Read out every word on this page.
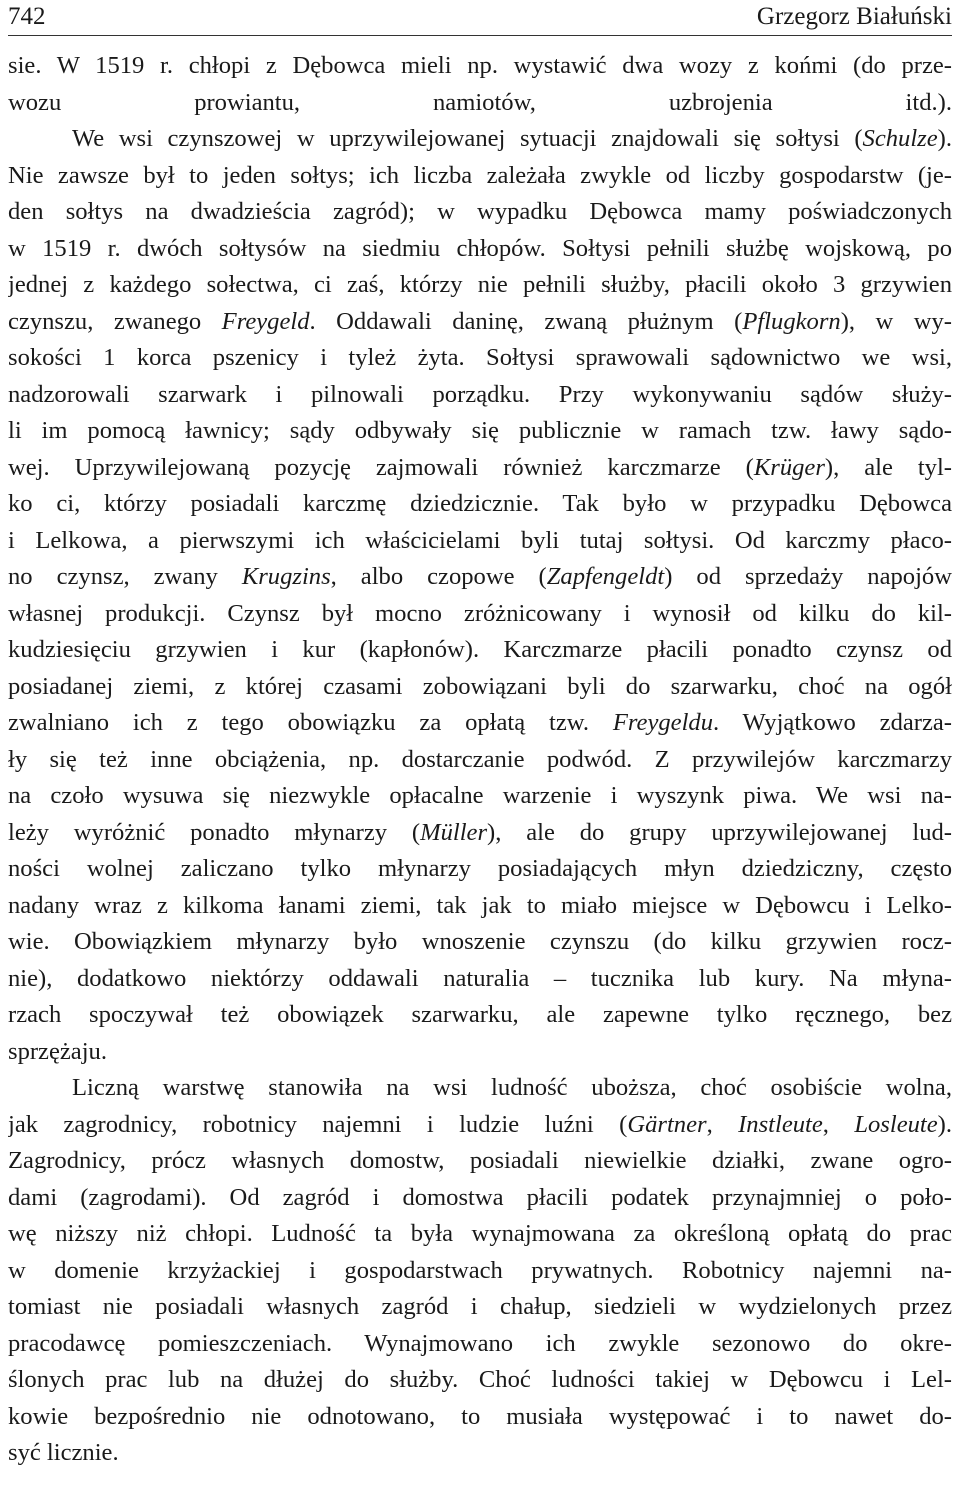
742	Grzegorz Białuński

sie. W 1519 r. chłopi z Dębowca mieli np. wystawić dwa wozy z końmi (do prze-
wozu prowiantu, namiotów, uzbrojenia itd.).
We wsi czynszowej w uprzywilejowanej sytuacji znajdowali się sołtysi (Schulze).
Nie zawsze był to jeden sołtys; ich liczba zależała zwykle od liczby gospodarstw (je-
den sołtys na dwadzieścia zagród); w wypadku Dębowca mamy poświadczonych
w 1519 r. dwóch sołtysów na siedmiu chłopów. Sołtysi pełnili służbę wojskową, po
jednej z każdego sołectwa, ci zaś, którzy nie pełnili służby, płacili około 3 grzywien
czynszu, zwanego Freygeld. Oddawali daninę, zwaną płużnym (Pflugkorn), w wy-
sokości 1 korca pszenicy i tyleż żyta. Sołtysi sprawowali sądownictwo we wsi,
nadzorowali szarwark i pilnowali porządku. Przy wykonywaniu sądów służy-
li im pomocą ławnicy; sądy odbywały się publicznie w ramach tzw. ławy sądo-
wej. Uprzywilejowaną pozycję zajmowali również karczmarze (Krüger), ale tyl-
ko ci, którzy posiadali karczmę dziedzicznie. Tak było w przypadku Dębowca
i Lelkowa, a pierwszymi ich właścicielami byli tutaj sołtysi. Od karczmy płaco-
no czynsz, zwany Krugzins, albo czopowe (Zapfengeldt) od sprzedaży napojów
własnej produkcji. Czynsz był mocno zróżnicowany i wynosił od kilku do kil-
kudziesięciu grzywien i kur (kapłonów). Karczmarze płacili ponadto czynsz od
posiadanej ziemi, z której czasami zobowiązani byli do szarwarku, choć na ogół
zwalniano ich z tego obowiązku za opłatą tzw. Freygeldu. Wyjątkowo zdarza-
ły się też inne obciążenia, np. dostarczanie podwód. Z przywilejów karczmarzy
na czoło wysuwa się niezwykle opłacalne warzenie i wyszynk piwa. We wsi na-
leży wyróżnić ponadto młynarzy (Müller), ale do grupy uprzywilejowanej lud-
ności wolnej zaliczano tylko młynarzy posiadających młyn dziedziczny, często
nadany wraz z kilkoma łanami ziemi, tak jak to miało miejsce w Dębowcu i Lelko-
wie. Obowiązkiem młynarzy było wnoszenie czynszu (do kilku grzywien rocz-
nie), dodatkowo niektórzy oddawali naturalia – tucznika lub kury. Na młyna-
rzach spoczywał też obowiązek szarwarku, ale zapewne tylko ręcznego, bez
sprzężaju.

Liczną warstwę stanowiła na wsi ludność uboższa, choć osobiście wolna,
jak zagrodnicy, robotnicy najemni i ludzie luźni (Gärtner, Instleute, Losleute).
Zagrodnicy, prócz własnych domostw, posiadali niewielkie działki, zwane ogro-
dami (zagrodami). Od zagród i domostwa płacili podatek przynajmniej o poło-
wę niższy niż chłopi. Ludność ta była wynajmowana za określoną opłatą do prac
w domenie krzyżackiej i gospodarstwach prywatnych. Robotnicy najemni na-
tomiast nie posiadali własnych zagród i chałup, siedzieli w wydzielonych przez
pracodawcę pomieszczeniach. Wynajmowano ich zwykle sezonowo do okre-
ślonych prac lub na dłużej do służby. Choć ludności takiej w Dębowcu i Lel-
kowie bezpośrednio nie odnotowano, to musiała występować i to nawet do-
syć licznie.
